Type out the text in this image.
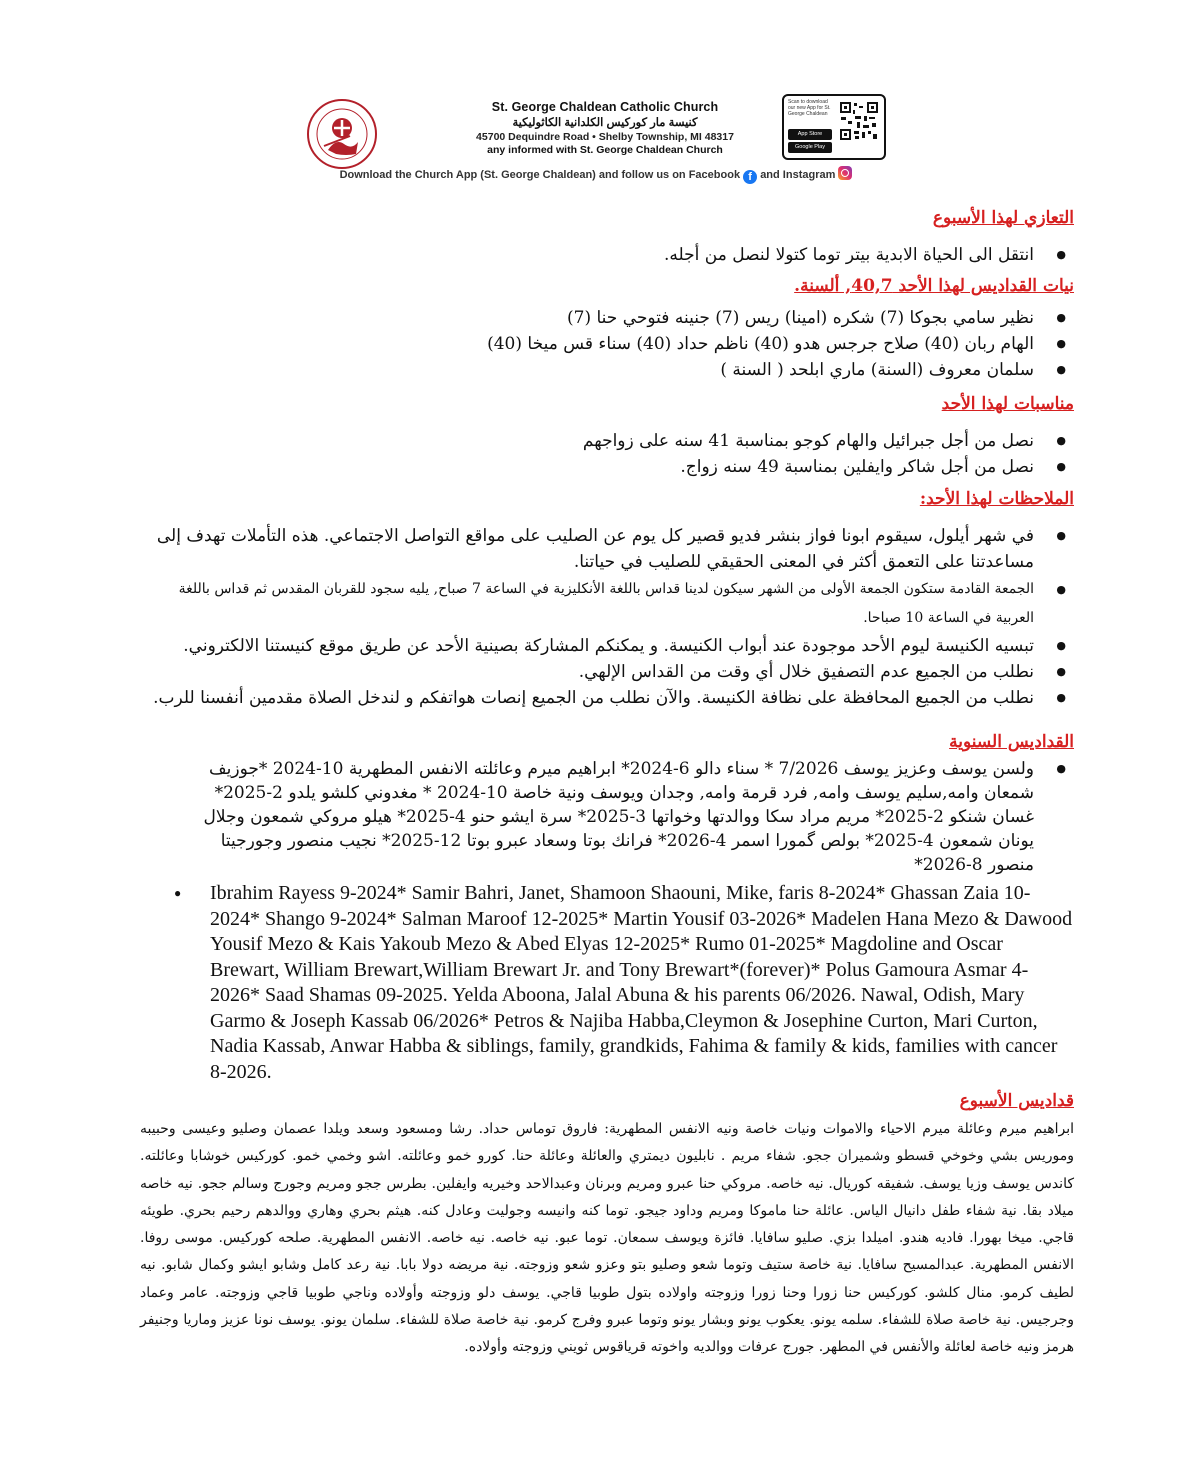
St. George Chaldean Catholic Church
كنيسة مار كوركيس الكلدانية الكاثوليكية
45700 Dequindre Road • Shelby Township, MI 48317
any informed with St. George Chaldean Church
Scan to download our new App for St. George Chaldean
App Store
Google Play
Download the Church App (St. George Chaldean) and follow us on Facebook f and Instagram
التعازي لهذا الأسبوع
● انتقل الى الحياة الابدية بيتر توما كتولا لنصل من أجله.
نيات القداديس لهذا الأحد 40,7, ألسنة.
● نظير سامي بجوكا (7) شكره (امينا) ريس (7) جنينه فتوحي حنا (7)
● الهام ربان (40) صلاح جرجس هدو (40) ناظم حداد (40) سناء قس ميخا (40)
● سلمان معروف (السنة) ماري ابلحد ( السنة )
مناسبات لهذا الأحد
● نصل من أجل جبرائيل والهام كوجو بمناسبة 41 سنه على زواجهم
● نصل من أجل شاكر وايفلين بمناسبة 49 سنه زواج.
الملاحظات لهذا الأحد:
● في شهر أيلول، سيقوم ابونا فواز بنشر فديو قصير كل يوم عن الصليب على مواقع التواصل الاجتماعي. هذه التأملات تهدف إلى مساعدتنا على التعمق أكثر في المعنى الحقيقي للصليب في حياتنا.
● الجمعة القادمة ستكون الجمعة الأولى من الشهر سيكون لدينا قداس باللغة الأنكليزية في الساعة 7 صباح, يليه سجود للقربان المقدس ثم قداس باللغة العربية في الساعة 10 صباحا.
● تبسيه الكنيسة ليوم الأحد موجودة عند أبواب الكنيسة. و يمكنكم المشاركة بصينية الأحد عن طريق موقع كنيستنا الالكتروني.
● نطلب من الجميع عدم التصفيق خلال أي وقت من القداس الإلهي.
● نطلب من الجميع المحافظة على نظافة الكنيسة. والآن نطلب من الجميع إنصات هواتفكم و لندخل الصلاة مقدمين أنفسنا للرب.
القداديس السنوية
● ولسن يوسف وعزيز يوسف 7/2026 * سناء دالو 6-2024* ابراهيم ميرم وعائلته الانفس المطهرية 10-2024 *جوزيف شمعان وامه,سليم يوسف وامه, فرد قرمة وامه, وجدان ويوسف ونية خاصة 10-2024 * مغدوني كلشو يلدو 2-2025* غسان شنكو 2-2025* مريم مراد سكا ووالدتها وخواتها 3-2025* سرة ايشو حنو 4-2025* هيلو مروكي شمعون وجلال يونان شمعون 4-2025* بولص گمورا اسمر 4-2026* فرانك بوتا وسعاد عبرو بوتا 12-2025* نجيب منصور وجورجيتا منصور 8-2026*
● Ibrahim Rayess 9-2024* Samir Bahri, Janet, Shamoon Shaouni, Mike, faris 8-2024* Ghassan Zaia 10-2024* Shango 9-2024* Salman Maroof 12-2025* Martin Yousif 03-2026* Madelen Hana Mezo & Dawood Yousif Mezo & Kais Yakoub Mezo & Abed Elyas 12-2025* Rumo 01-2025* Magdoline and Oscar Brewart, William Brewart,William Brewart Jr. and Tony Brewart*(forever)* Polus Gamoura Asmar 4-2026* Saad Shamas 09-2025. Yelda Aboona, Jalal Abuna & his parents 06/2026. Nawal, Odish, Mary Garmo & Joseph Kassab 06/2026* Petros & Najiba Habba,Cleymon & Josephine Curton, Mari Curton, Nadia Kassab, Anwar Habba & siblings, family, grandkids, Fahima & family & kids, families with cancer 8-2026.
قداديس الأسبوع
ابراهيم ميرم وعائلة ميرم الاحياء والاموات ونيات خاصة ونيه الانفس المطهرية: فاروق توماس حداد. رشا ومسعود وسعد ويلدا عصمان وصليو وعيسى وحبيبه وموريس بشي وخوخي قسطو وشميران ججو. شفاء مريم . نابليون ديمتري والعائلة وعائلة حنا. كورو خمو وعائلته. اشو وخمي خمو. كوركيس خوشابا وعائلته. كاندس يوسف وزيا يوسف. شفيقه كوريال. نيه خاصه. مروكي حنا عبرو ومريم وبرنان وعبدالاحد وخيريه وايفلين. بطرس ججو ومريم وجورج وسالم ججو. نيه خاصه ميلاد بقا. نية شفاء طفل دانيال الياس. عائلة حنا ماموكا ومريم وداود جيجو. توما كنه وانيسه وجوليت وعادل كنه. هيثم بحري وهاري ووالدهم رحيم بحري. طويئه قاجي. ميخا بهورا. فاديه هندو. اميلدا بزي. صليو سافايا. فائزة ويوسف سمعان. توما عبو. نيه خاصه. نيه خاصه. الانفس المطهرية. صلحه كوركيس. موسى روفا. الانفس المطهرية. عبدالمسيح سافايا. نية خاصة ستيف وتوما شعو وصليو بتو وعزو شعو وزوجته. نية مريضه دولا بابا. نية رعد كامل وشابو ايشو وكمال شابو. نيه لطيف كرمو. منال كلشو. كوركيس حنا زورا وحنا زورا وزوجته واولاده بتول طوبيا قاجي. يوسف دلو وزوجته وأولاده وناجي طوبيا قاجي وزوجته. عامر وعماد وجرجيس. نية خاصة صلاة للشفاء. سلمه يونو. يعكوب يونو وبشار يونو وتوما عبرو وفرج كرمو. نية خاصة صلاة للشفاء. سلمان يونو. يوسف نونا عزيز وماريا وجنيفر هرمز ونيه خاصة لعائلة والأنفس في المطهر. جورج عرفات ووالديه واخوته قرياقوس ثويني وزوجته وأولاده.
